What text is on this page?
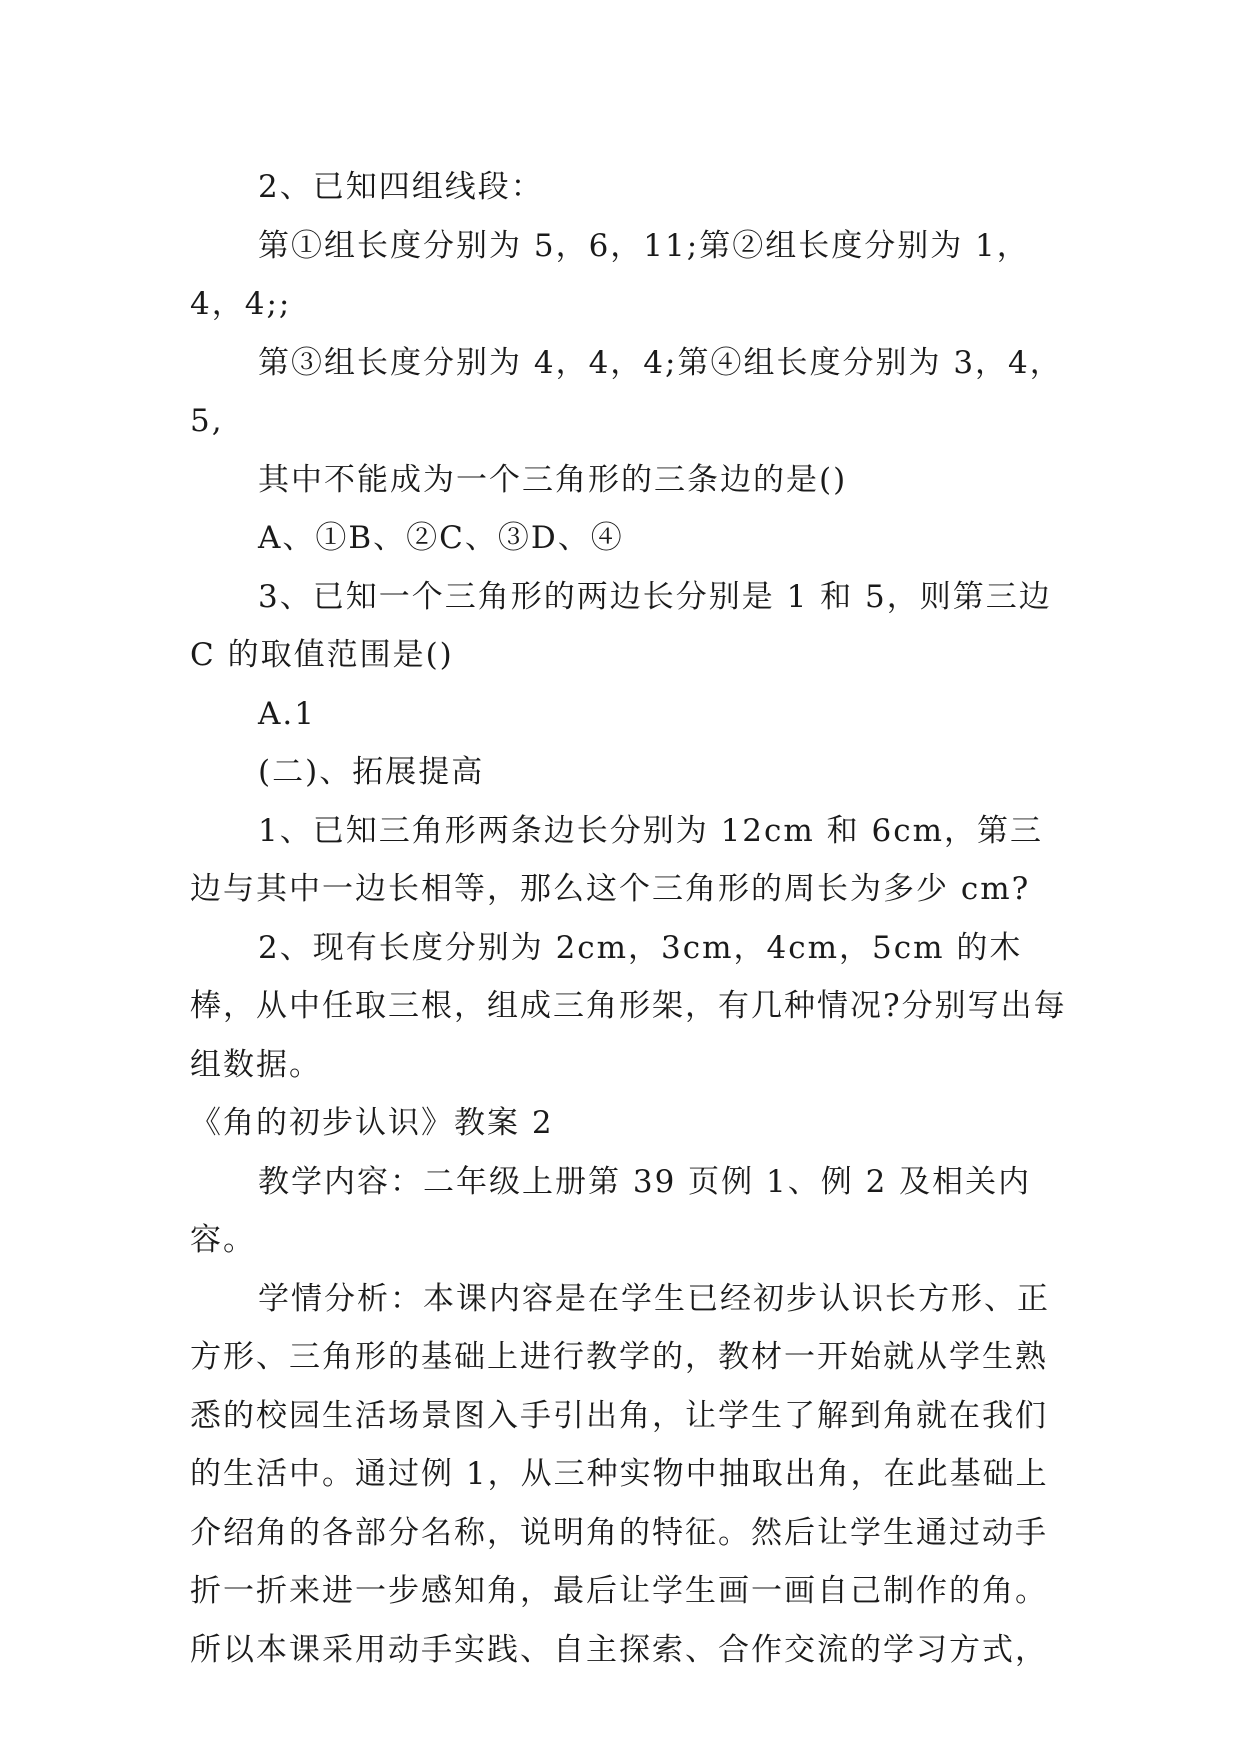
2、已知四组线段：

第①组长度分别为 5，6，11;第②组长度分别为 1，4，4;;

第③组长度分别为 4，4，4;第④组长度分别为 3，4，5,

其中不能成为一个三角形的三条边的是()

A、①B、②C、③D、④

3、已知一个三角形的两边长分别是 1 和 5，则第三边 C 的取值范围是()

A.1

(二)、拓展提高

1、已知三角形两条边长分别为 12cm 和 6cm，第三边与其中一边长相等，那么这个三角形的周长为多少 cm?

2、现有长度分别为 2cm，3cm，4cm，5cm 的木棒，从中任取三根，组成三角形架，有几种情况?分别写出每组数据。

《角的初步认识》教案 2

教学内容：二年级上册第 39 页例 1、例 2 及相关内容。

学情分析：本课内容是在学生已经初步认识长方形、正方形、三角形的基础上进行教学的，教材一开始就从学生熟悉的校园生活场景图入手引出角，让学生了解到角就在我们的生活中。通过例 1，从三种实物中抽取出角，在此基础上介绍角的各部分名称，说明角的特征。然后让学生通过动手折一折来进一步感知角，最后让学生画一画自己制作的角。所以本课采用动手实践、自主探索、合作交流的学习方式，
